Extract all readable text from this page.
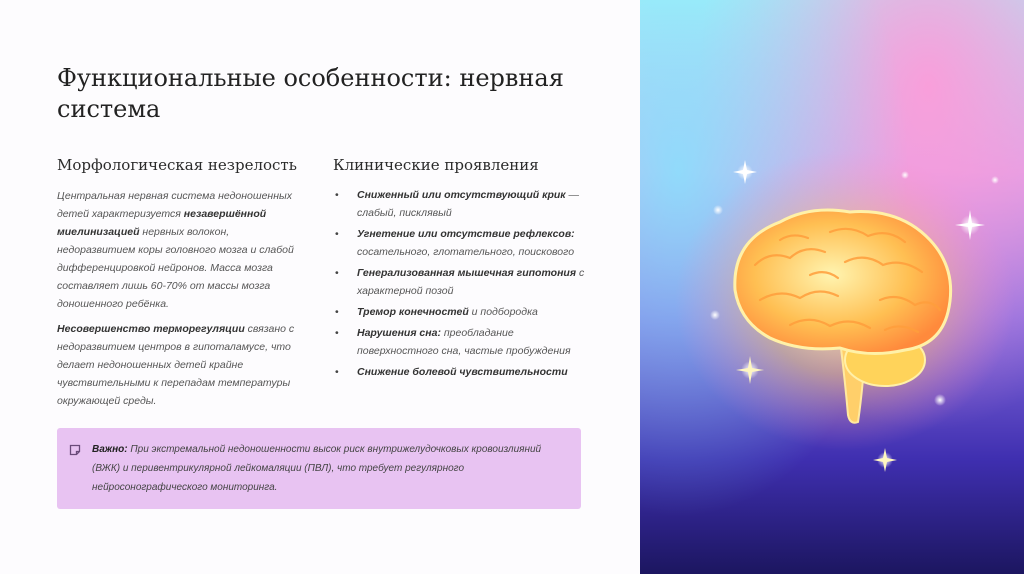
Функциональные особенности: нервная система
Морфологическая незрелость

Центральная нервная система недоношенных детей характеризуется незавершённой миелинизацией нервных волокон, недоразвитием коры головного мозга и слабой дифференцировкой нейронов. Масса мозга составляет лишь 60-70% от массы мозга доношенного ребёнка.

Несовершенство терморегуляции связано с недоразвитием центров в гипоталамусе, что делает недоношенных детей крайне чувствительными к перепадам температуры окружающей среды.

Клинические проявления
• Сниженный или отсутствующий крик — слабый, писклявый
• Угнетение или отсутствие рефлексов: сосательного, глотательного, поискового
• Генерализованная мышечная гипотония с характерной позой
• Тремор конечностей и подбородка
• Нарушения сна: преобладание поверхностного сна, частые пробуждения
• Снижение болевой чувствительности

Важно: При экстремальной недоношенности высок риск внутрижелудочковых кровоизлияний (ВЖК) и перивентрикулярной лейкомаляции (ПВЛ), что требует регулярного нейросонографического мониторинга.
